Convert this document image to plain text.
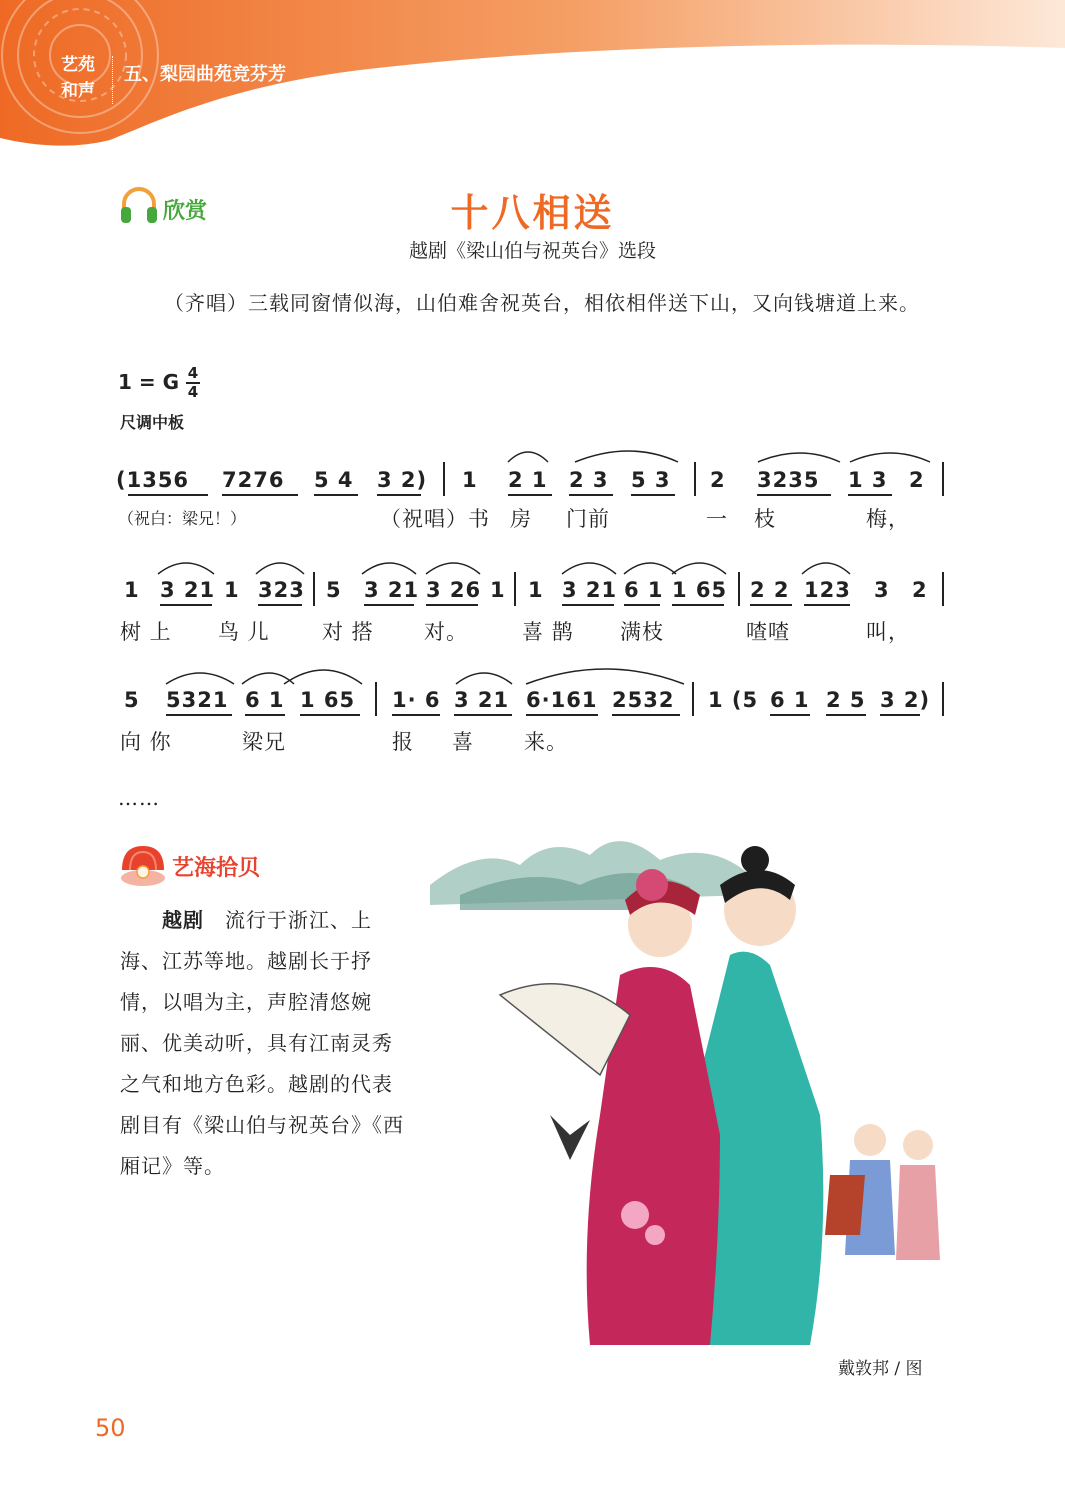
艺苑
和声
五、梨园曲苑竞芬芳
欣赏	十八相送
越剧《梁山伯与祝英台》选段
（齐唱）三载同窗情似海，山伯难舍祝英台，相依相伴送下山，又向钱塘道上来。
1 = G 4
4
尺调中板
(1356 7276 5 4 3 2) 1 2 1 2 3 5 3 2 3235 1 3 2
（祝白：梁兄！）	（祝唱）书 房 门前	一 枝	梅，
1 3 21 1 323 5 3 21 3 26 1 1 3 21 6 1 1 65 2 2 123 3 2
树 上 鸟 儿 对 搭 对。	喜 鹊 满枝	喳喳	叫，
5 5321 6 1 1 65 1· 6 3 21 6·161 2532 1 (5 6 1 2 5 3 2)
向 你	梁兄	报 喜 来。
……
艺海拾贝
  越剧  流行于浙江、上海、江苏等地。越剧长于抒情，以唱为主，声腔清悠婉丽、优美动听，具有江南灵秀之气和地方色彩。越剧的代表剧目有《梁山伯与祝英台》《西厢记》等。
戴敦邦 / 图
50
